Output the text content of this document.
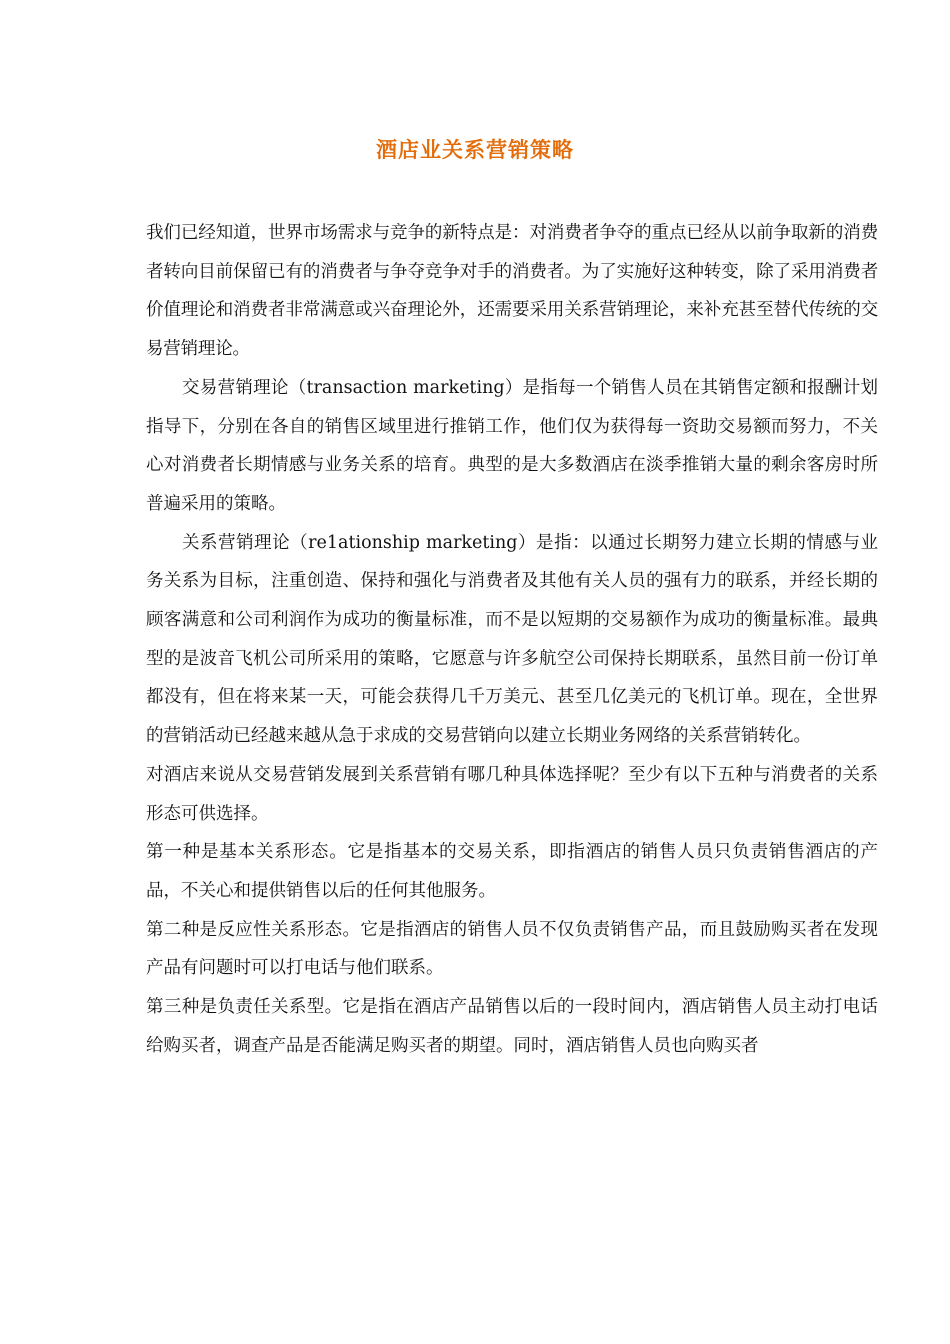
酒店业关系营销策略

我们已经知道，世界市场需求与竞争的新特点是：对消费者争夺的重点已经从以前争取新的消费者转向目前保留已有的消费者与争夺竞争对手的消费者。为了实施好这种转变，除了采用消费者价值理论和消费者非常满意或兴奋理论外，还需要采用关系营销理论，来补充甚至替代传统的交易营销理论。

交易营销理论（transaction marketing）是指每一个销售人员在其销售定额和报酬计划指导下，分别在各自的销售区域里进行推销工作，他们仅为获得每一资助交易额而努力，不关心对消费者长期情感与业务关系的培育。典型的是大多数酒店在淡季推销大量的剩余客房时所普遍采用的策略。

关系营销理论（re1ationship marketing）是指：以通过长期努力建立长期的情感与业务关系为目标，注重创造、保持和强化与消费者及其他有关人员的强有力的联系，并经长期的顾客满意和公司利润作为成功的衡量标准，而不是以短期的交易额作为成功的衡量标准。最典型的是波音飞机公司所采用的策略，它愿意与许多航空公司保持长期联系，虽然目前一份订单都没有，但在将来某一天，可能会获得几千万美元、甚至几亿美元的飞机订单。现在，全世界的营销活动已经越来越从急于求成的交易营销向以建立长期业务网络的关系营销转化。

对酒店来说从交易营销发展到关系营销有哪几种具体选择呢？至少有以下五种与消费者的关系形态可供选择。

第一种是基本关系形态。它是指基本的交易关系，即指酒店的销售人员只负责销售酒店的产品，不关心和提供销售以后的任何其他服务。

第二种是反应性关系形态。它是指酒店的销售人员不仅负责销售产品，而且鼓励购买者在发现产品有问题时可以打电话与他们联系。

第三种是负责任关系型。它是指在酒店产品销售以后的一段时间内，酒店销售人员主动打电话给购买者，调查产品是否能满足购买者的期望。同时，酒店销售人员也向购买者
